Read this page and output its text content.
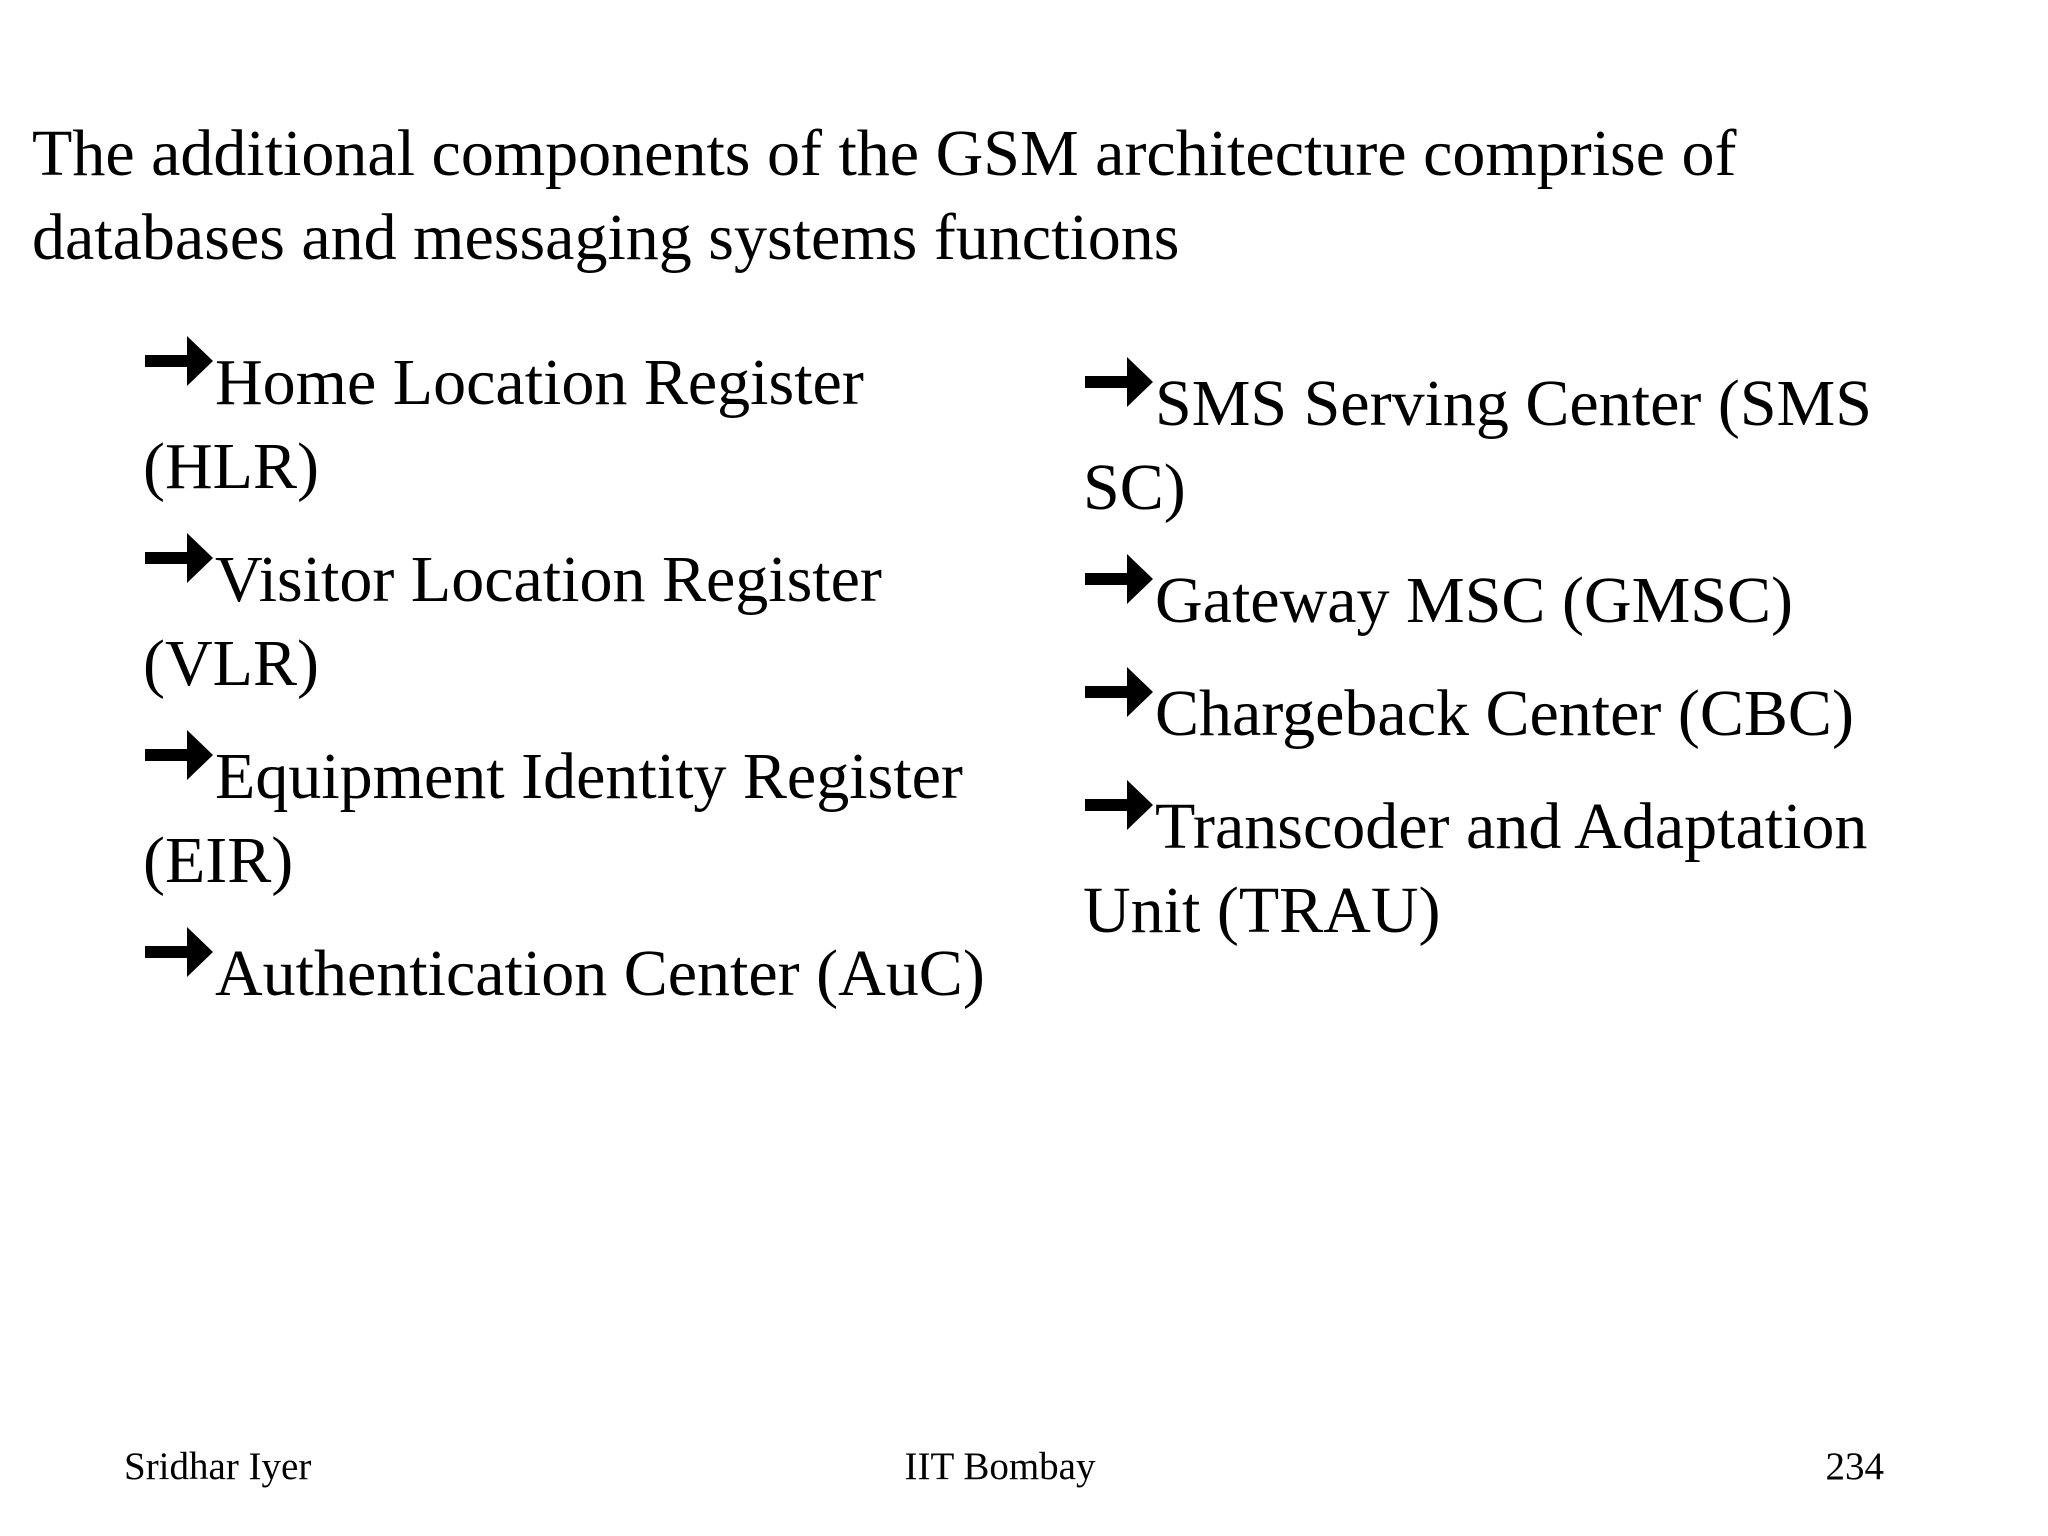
The additional components of the GSM architecture comprise of databases and messaging systems functions
Home Location Register (HLR)
Visitor Location Register (VLR)
Equipment Identity Register (EIR)
Authentication Center (AuC)
SMS Serving Center (SMS SC)
Gateway MSC (GMSC)
Chargeback Center (CBC)
Transcoder and Adaptation Unit (TRAU)
Sridhar Iyer	IIT Bombay	234
